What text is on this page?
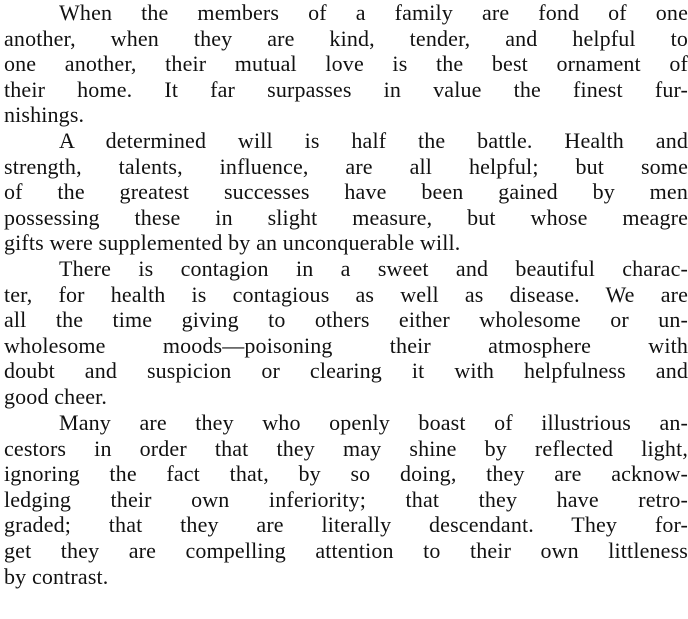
When the members of a family are fond of one
another, when they are kind, tender, and helpful to
one another, their mutual love is the best ornament of
their home. It far surpasses in value the finest fur-
nishings.
A determined will is half the battle. Health and
strength, talents, influence, are all helpful; but some
of the greatest successes have been gained by men
possessing these in slight measure, but whose meagre
gifts were supplemented by an unconquerable will.
There is contagion in a sweet and beautiful charac-
ter, for health is contagious as well as disease. We are
all the time giving to others either wholesome or un-
wholesome moods—poisoning their atmosphere with
doubt and suspicion or clearing it with helpfulness and
good cheer.
Many are they who openly boast of illustrious an-
cestors in order that they may shine by reflected light,
ignoring the fact that, by so doing, they are acknow-
ledging their own inferiority; that they have retro-
graded; that they are literally descendant. They for-
get they are compelling attention to their own littleness
by contrast.
